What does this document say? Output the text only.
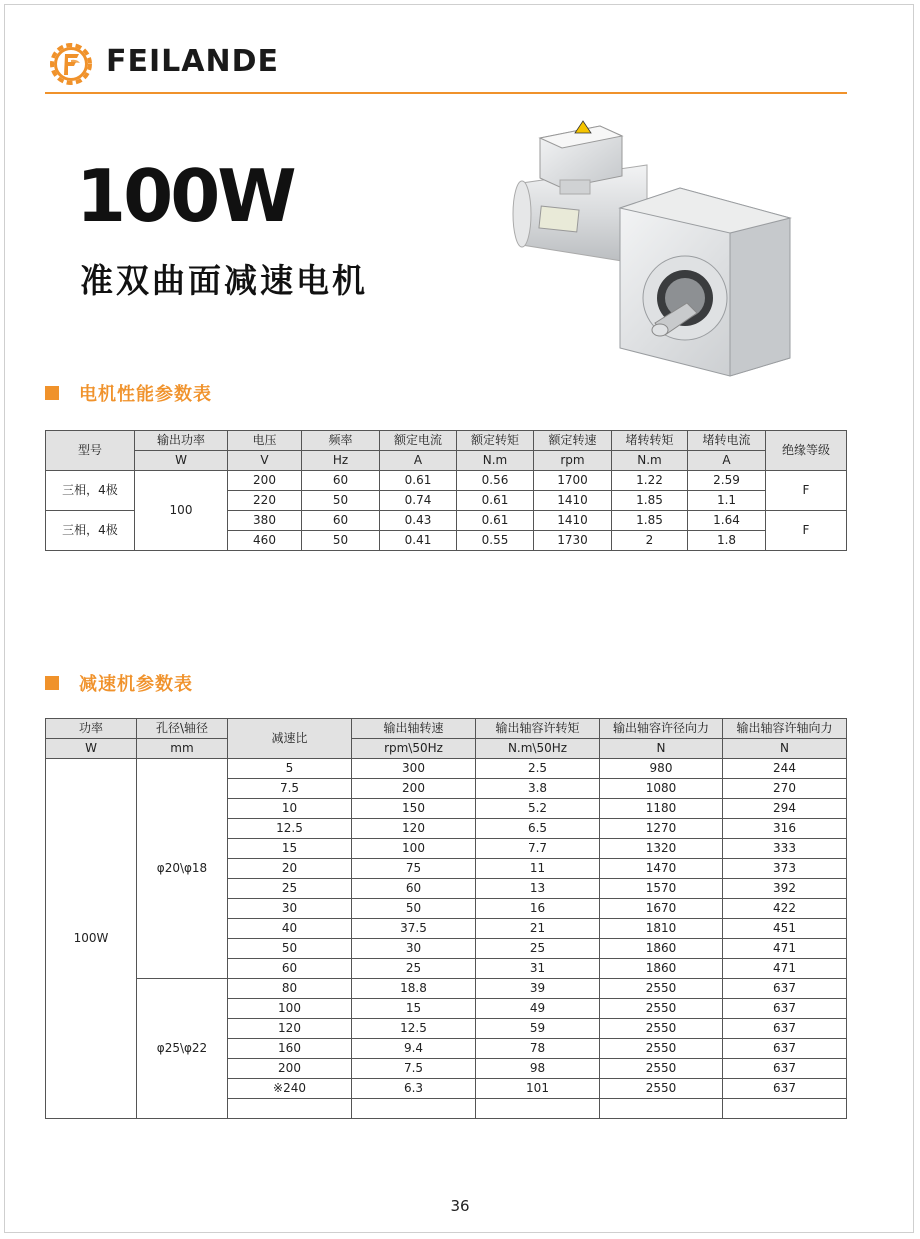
FEILANDE
100W
准双曲面减速电机
电机性能参数表
型号	输出功率	电压	频率	额定电流	额定转矩	额定转速	堵转转矩	堵转电流	绝缘等级
	W	V	Hz	A	N.m	rpm	N.m	A	
三相，4极	100	200	60	0.61	0.56	1700	1.22	2.59	F
		220	50	0.74	0.61	1410	1.85	1.1	
三相，4极		380	60	0.43	0.61	1410	1.85	1.64	F
		460	50	0.41	0.55	1730	2	1.8	
减速机参数表
功率	孔径\轴径	减速比	输出轴转速	输出轴容许转矩	输出轴容许径向力	输出轴容许轴向力
W	mm		rpm\50Hz	N.m\50Hz	N	N
100W	φ20\φ18	5	300	2.5	980	244
		7.5	200	3.8	1080	270
		10	150	5.2	1180	294
		12.5	120	6.5	1270	316
		15	100	7.7	1320	333
		20	75	11	1470	373
		25	60	13	1570	392
		30	50	16	1670	422
		40	37.5	21	1810	451
		50	30	25	1860	471
		60	25	31	1860	471
	φ25\φ22	80	18.8	39	2550	637
		100	15	49	2550	637
		120	12.5	59	2550	637
		160	9.4	78	2550	637
		200	7.5	98	2550	637
		※240	6.3	101	2550	637

36
